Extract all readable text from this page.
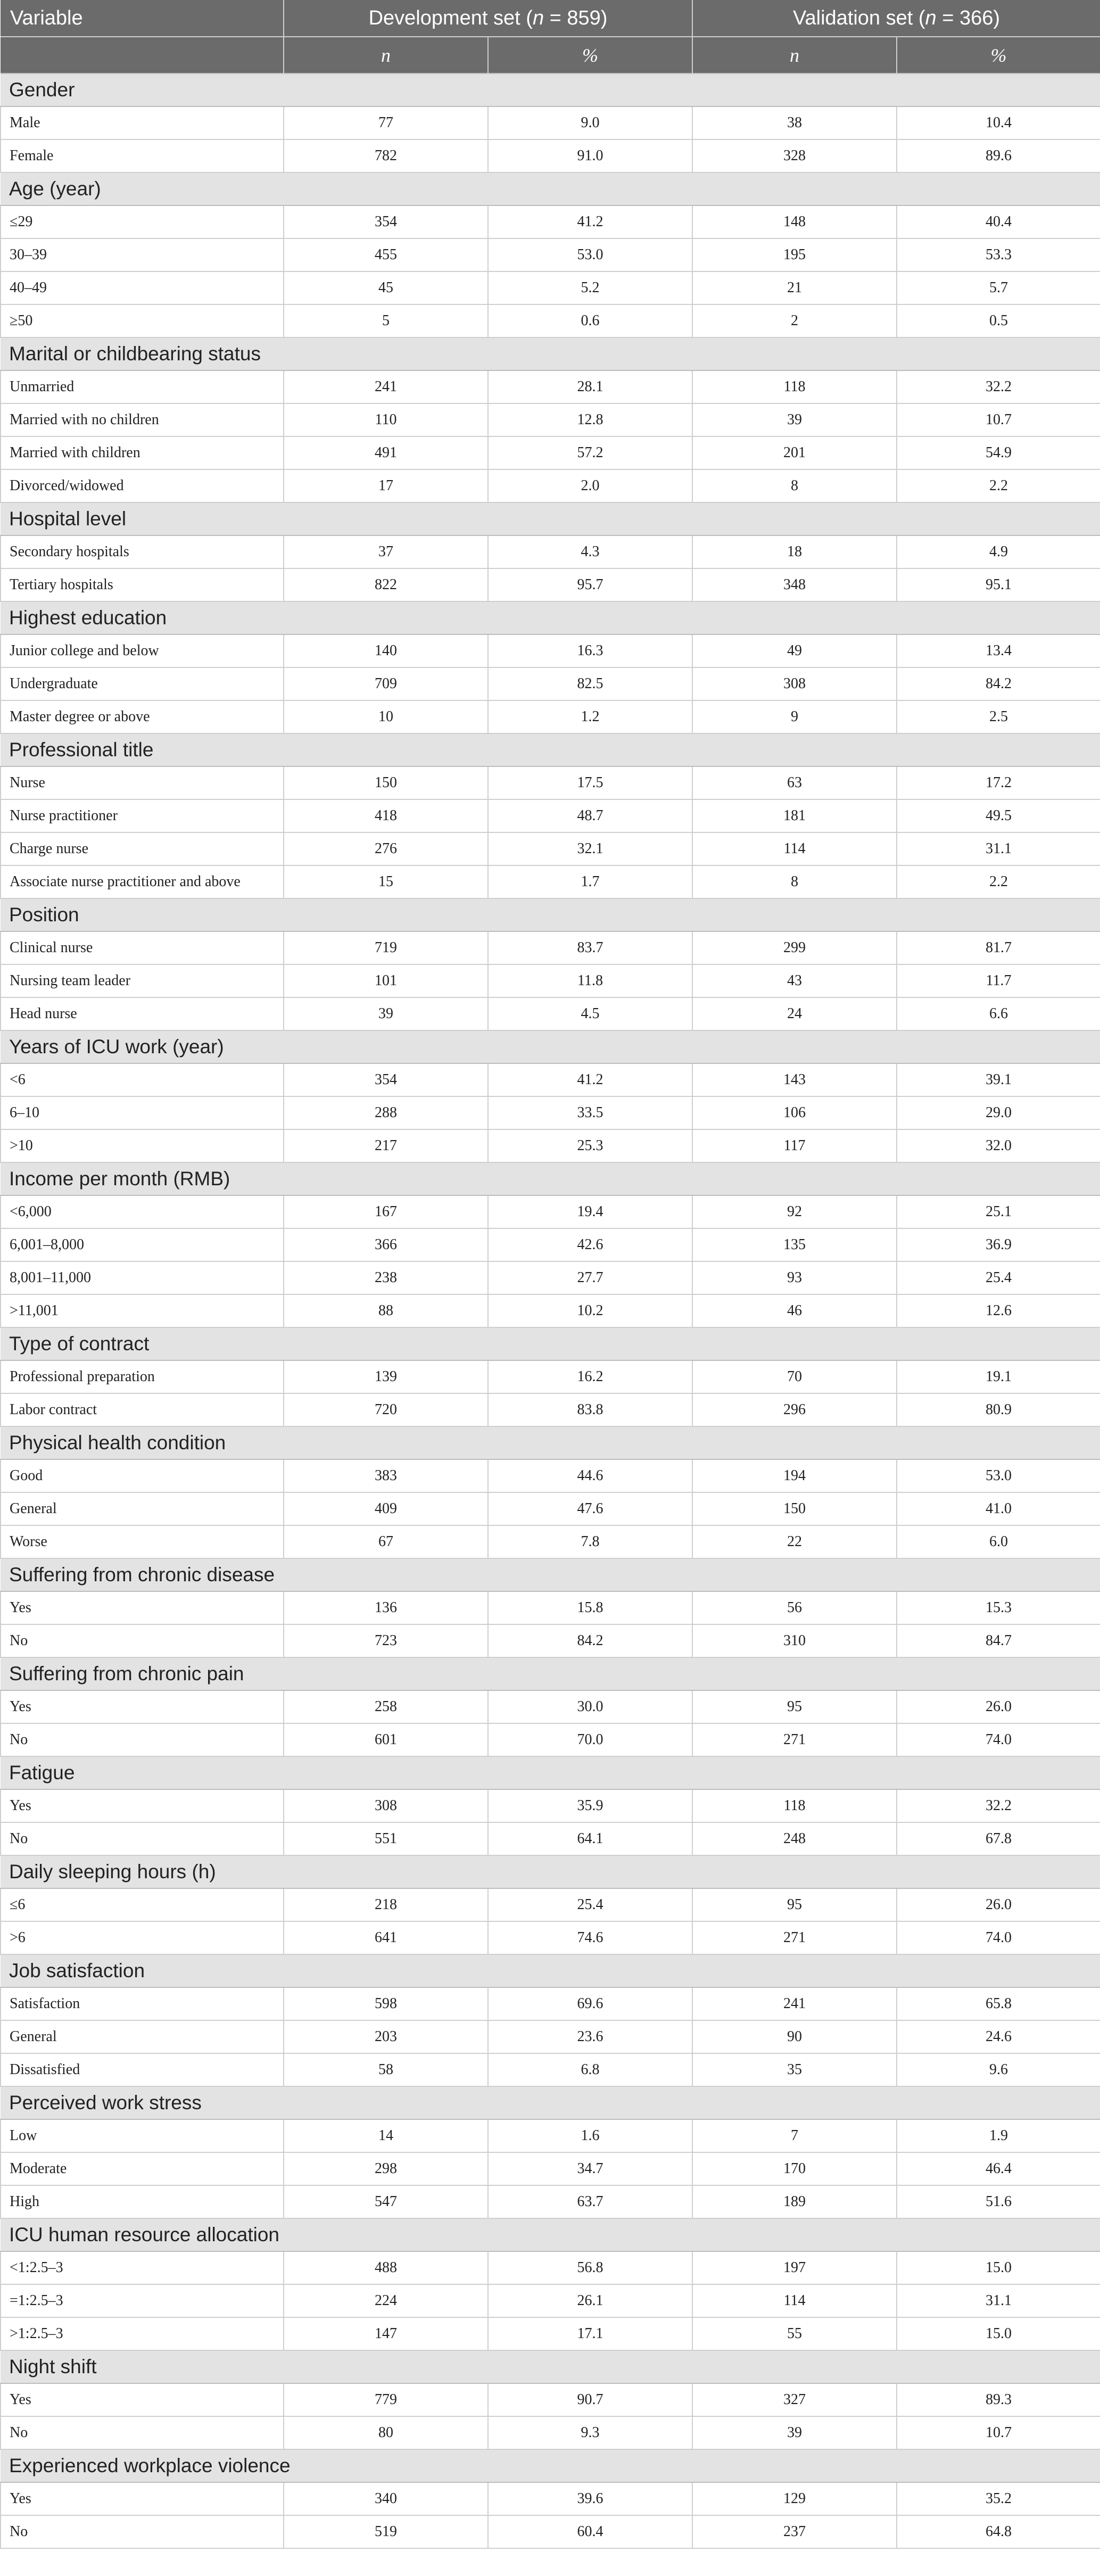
Variable	Development set (n = 859)		Validation set (n = 366)	
	n	%	n	%
Gender				
Male	77	9.0	38	10.4
Female	782	91.0	328	89.6
Age (year)				
≤29	354	41.2	148	40.4
30–39	455	53.0	195	53.3
40–49	45	5.2	21	5.7
≥50	5	0.6	2	0.5
Marital or childbearing status				
Unmarried	241	28.1	118	32.2
Married with no children	110	12.8	39	10.7
Married with children	491	57.2	201	54.9
Divorced/widowed	17	2.0	8	2.2
Hospital level				
Secondary hospitals	37	4.3	18	4.9
Tertiary hospitals	822	95.7	348	95.1
Highest education				
Junior college and below	140	16.3	49	13.4
Undergraduate	709	82.5	308	84.2
Master degree or above	10	1.2	9	2.5
Professional title				
Nurse	150	17.5	63	17.2
Nurse practitioner	418	48.7	181	49.5
Charge nurse	276	32.1	114	31.1
Associate nurse practitioner and above	15	1.7	8	2.2
Position				
Clinical nurse	719	83.7	299	81.7
Nursing team leader	101	11.8	43	11.7
Head nurse	39	4.5	24	6.6
Years of ICU work (year)				
<6	354	41.2	143	39.1
6–10	288	33.5	106	29.0
>10	217	25.3	117	32.0
Income per month (RMB)				
<6,000	167	19.4	92	25.1
6,001–8,000	366	42.6	135	36.9
8,001–11,000	238	27.7	93	25.4
>11,001	88	10.2	46	12.6
Type of contract				
Professional preparation	139	16.2	70	19.1
Labor contract	720	83.8	296	80.9
Physical health condition				
Good	383	44.6	194	53.0
General	409	47.6	150	41.0
Worse	67	7.8	22	6.0
Suffering from chronic disease				
Yes	136	15.8	56	15.3
No	723	84.2	310	84.7
Suffering from chronic pain				
Yes	258	30.0	95	26.0
No	601	70.0	271	74.0
Fatigue				
Yes	308	35.9	118	32.2
No	551	64.1	248	67.8
Daily sleeping hours (h)				
≤6	218	25.4	95	26.0
>6	641	74.6	271	74.0
Job satisfaction				
Satisfaction	598	69.6	241	65.8
General	203	23.6	90	24.6
Dissatisfied	58	6.8	35	9.6
Perceived work stress				
Low	14	1.6	7	1.9
Moderate	298	34.7	170	46.4
High	547	63.7	189	51.6
ICU human resource allocation				
<1:2.5–3	488	56.8	197	15.0
=1:2.5–3	224	26.1	114	31.1
>1:2.5–3	147	17.1	55	15.0
Night shift				
Yes	779	90.7	327	89.3
No	80	9.3	39	10.7
Experienced workplace violence				
Yes	340	39.6	129	35.2
No	519	60.4	237	64.8
